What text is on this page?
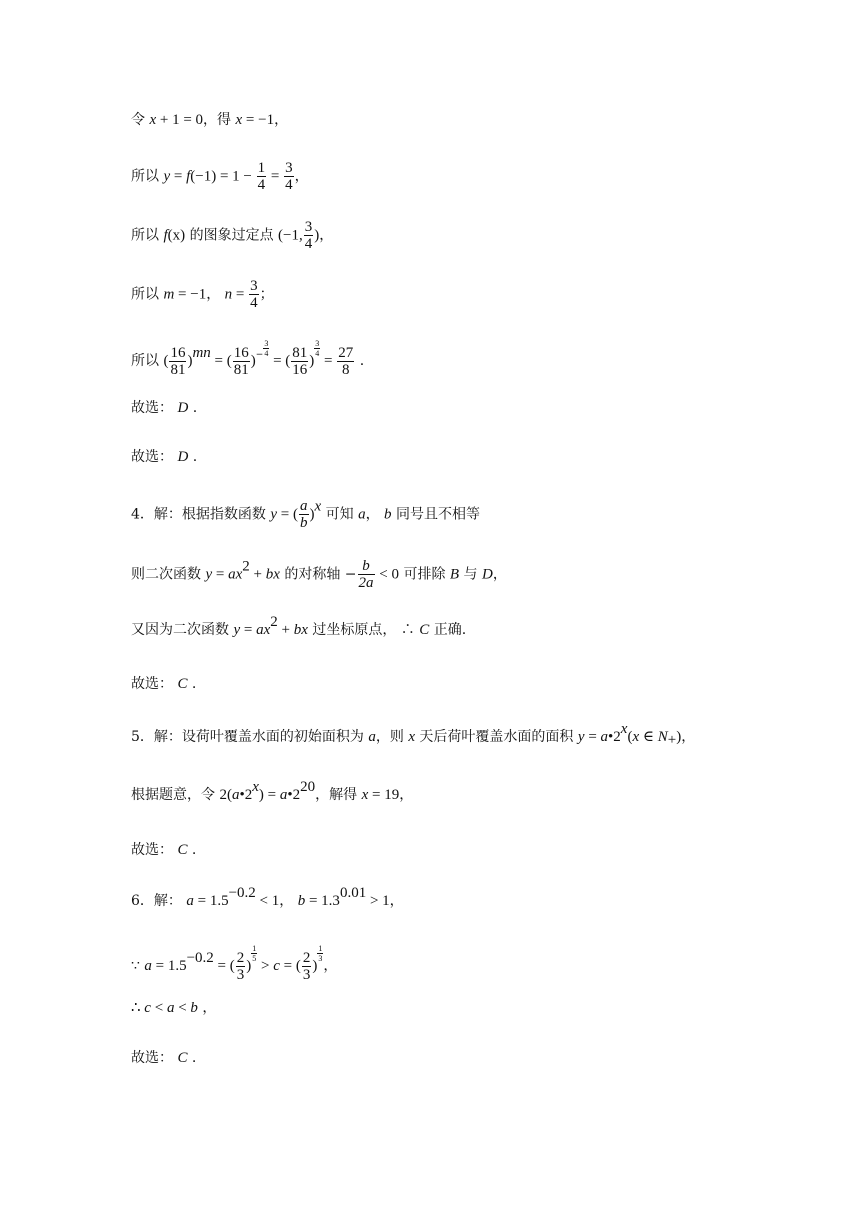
令 x + 1 = 0，得 x = −1，
所以 $y = f(-1) = 1 - \frac{1}{4} = \frac{3}{4}$ ，
所以 f(x) 的图象过定点 (−1, $\frac{3}{4}$ )，
所以 m = −1， $n = \frac{3}{4}$ ；
所以 ( $\frac{16}{81} )^{mn}$ = ( $\frac{16}{81} )^- \frac{3}{4}$
= ( $\frac{81}{16}$ )
$\frac{3}{4}$
= $\frac{27}{8}$ .
故选： D .
故选： D .
4．解：根据指数函数 y = ( $\frac{a}{b} )^x$ 可知 a， b 同号且不相等
则二次函数 $y = ax^2$ + bx 的对称轴 − $\frac{b}{2a} < 0$ 可排除 B 与 D，
又因为二次函数 $y = ax^2$ + bx 过坐标原点， ∴ C 正确.
故选： C .
5．解：设荷叶覆盖水面的初始面积为 a，则 x 天后荷叶覆盖水面的面积 $y = a•2^x(x$ ∈ $N_+$)，
根据题意，令 $2(a•2^x)$ = $a•2^{20}$，解得 x = 19，
故选： C .
6．解： $a = 1.5^{-0.2} < 1$， $b = 1.3^{0.01} > 1$，
∵ $a = 1.5^{-0.2}$ = ( $\frac{2}{3}$ )
$\frac{1}{5}$
> c = ( $\frac{2}{3}$ )
$\frac{1}{3}$
，
∴ c < a < b ，
故选： C .
